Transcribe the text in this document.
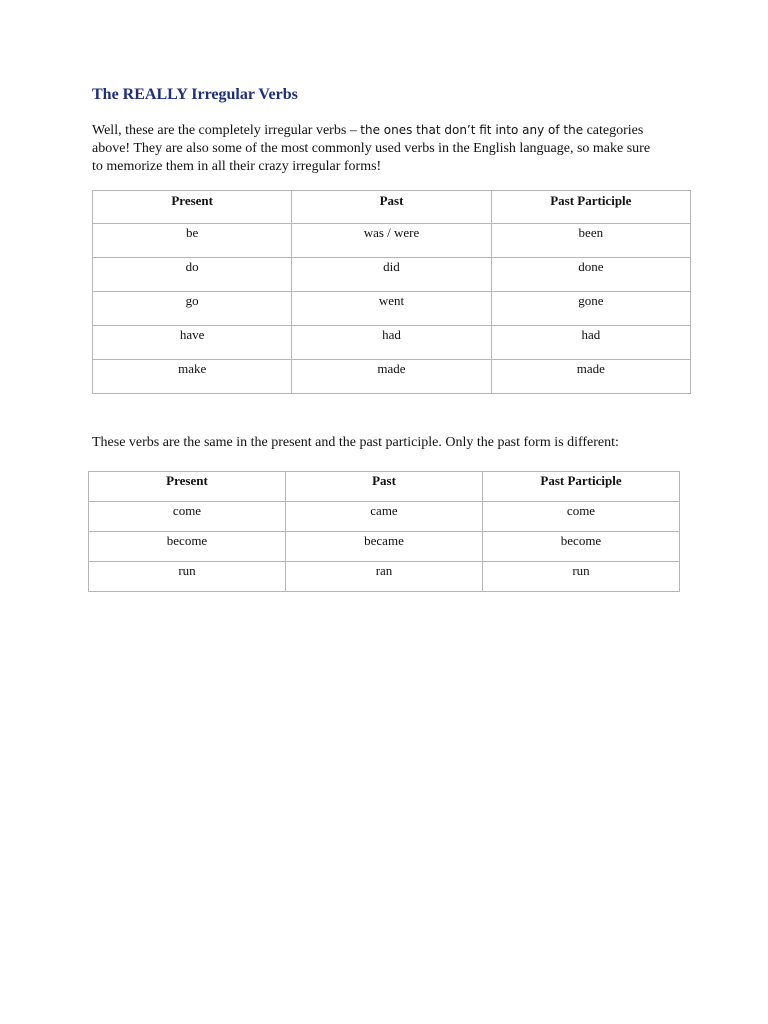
The REALLY Irregular Verbs

Well, these are the completely irregular verbs – the ones that don’t fit into any of the categories above! They are also some of the most commonly used verbs in the English language, so make sure to memorize them in all their crazy irregular forms!

Present	Past	Past Participle
be	was / were	been
do	did	done
go	went	gone
have	had	had
make	made	made

These verbs are the same in the present and the past participle. Only the past form is different:

Present	Past	Past Participle
come	came	come
become	became	become
run	ran	run
